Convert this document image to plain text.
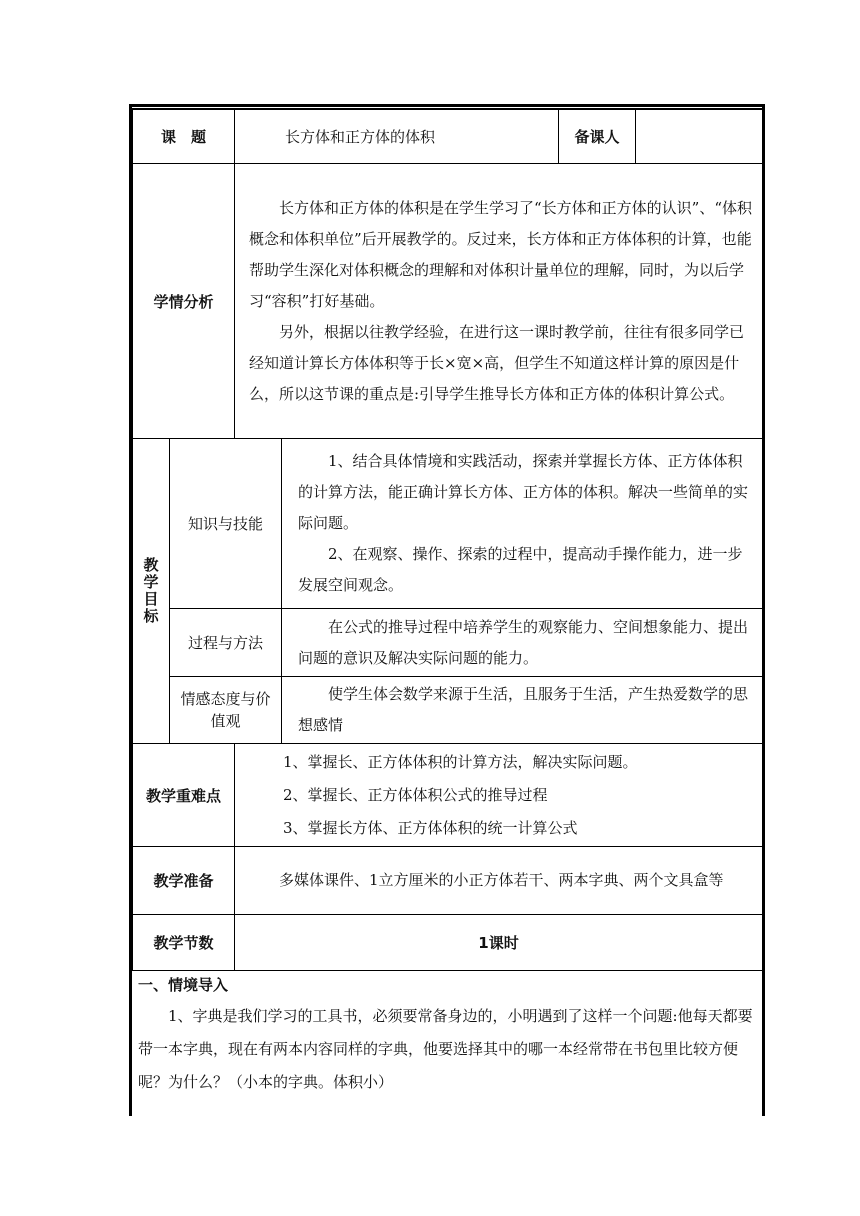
课　题		长方体和正方体的体积		备课人	
学情分析		长方体和正方体的体积是在学生学习了“长方体和正方体的认识”、“体积概念和体积单位”后开展教学的。反过来，长方体和正方体体积的计算，也能帮助学生深化对体积概念的理解和对体积计量单位的理解，同时，为以后学习“容积”打好基础。

另外，根据以往教学经验，在进行这一课时教学前，往往有很多同学已经知道计算长方体体积等于长×宽×高，但学生不知道这样计算的原因是什么，所以这节课的重点是:引导学生推导长方体和正方体的体积计算公式。			

教学目标	知识与技能		1、结合具体情境和实践活动，探索并掌握长方体、正方体体积的计算方法，能正确计算长方体、正方体的体积。解决一些简单的实际问题。

2、在观察、操作、探索的过程中，提高动手操作能力，进一步发展空间观念。		

	过程与方法		在公式的推导过程中培养学生的观察能力、空间想象能力、提出问题的意识及解决实际问题的能力。		

	情感态度与价值观		使学生体会数学来源于生活，且服务于生活，产生热爱数学的思想感情		

教学重难点		1、掌握长、正方体体积的计算方法，解决实际问题。

2、掌握长、正方体体积公式的推导过程

3、掌握长方体、正方体体积的统一计算公式			

教学准备		多媒体课件、1立方厘米的小正方体若干、两本字典、两个文具盒等			

教学节数		1课时			

一、情境导入

1、字典是我们学习的工具书，必须要常备身边的，小明遇到了这样一个问题:他每天都要带一本字典，现在有两本内容同样的字典，他要选择其中的哪一本经常带在书包里比较方便呢？为什么？（小本的字典。体积小）
